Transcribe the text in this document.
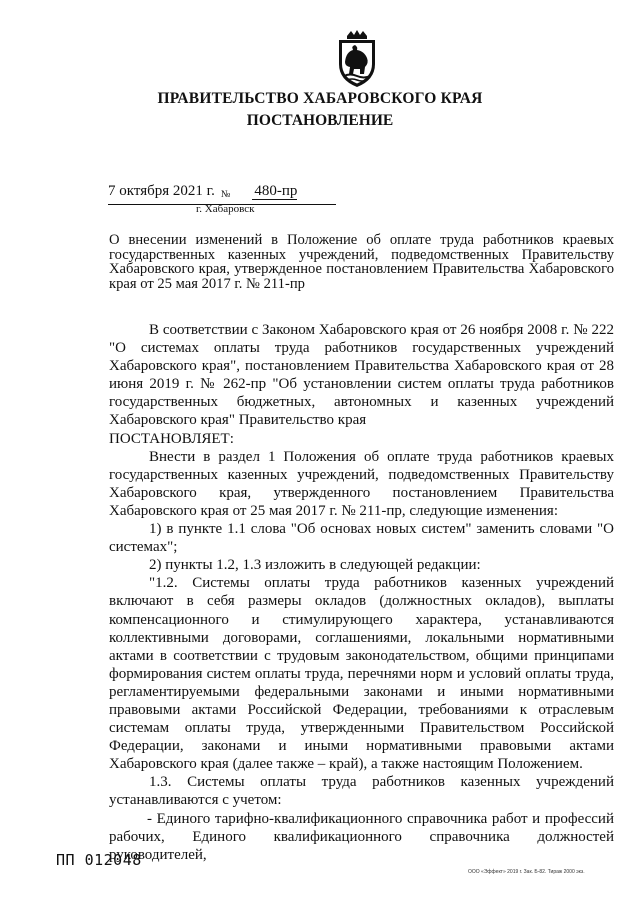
ПРАВИТЕЛЬСТВО ХАБАРОВСКОГО КРАЯ
ПОСТАНОВЛЕНИЕ
7 октября 2021 г. № 480-пр
г. Хабаровск
О внесении изменений в Положение об оплате труда работников краевых государственных казенных учреждений, подведомственных Правительству Хабаровского края, утвержденное постановлением Правительства Хабаровского края от 25 мая 2017 г. № 211-пр

В соответствии с Законом Хабаровского края от 26 ноября 2008 г. № 222 "О системах оплаты труда работников государственных учреждений Хабаровского края", постановлением Правительства Хабаровского края от 28 июня 2019 г. № 262-пр "Об установлении систем оплаты труда работников государственных бюджетных, автономных и казенных учреждений Хабаровского края" Правительство края

ПОСТАНОВЛЯЕТ:

Внести в раздел 1 Положения об оплате труда работников краевых государственных казенных учреждений, подведомственных Правительству Хабаровского края, утвержденного постановлением Правительства Хабаровского края от 25 мая 2017 г. № 211-пр, следующие изменения:

1) в пункте 1.1 слова "Об основах новых систем" заменить словами "О системах";

2) пункты 1.2, 1.3 изложить в следующей редакции:

"1.2. Системы оплаты труда работников казенных учреждений включают в себя размеры окладов (должностных окладов), выплаты компенсационного и стимулирующего характера, устанавливаются коллективными договорами, соглашениями, локальными нормативными актами в соответствии с трудовым законодательством, общими принципами формирования систем оплаты труда, перечнями норм и условий оплаты труда, регламентируемыми федеральными законами и иными нормативными правовыми актами Российской Федерации, требованиями к отраслевым системам оплаты труда, утвержденными Правительством Российской Федерации, законами и иными нормативными правовыми актами Хабаровского края (далее также – край), а также настоящим Положением.

1.3. Системы оплаты труда работников казенных учреждений устанавливаются с учетом:

- Единого тарифно-квалификационного справочника работ и профессий рабочих, Единого квалификационного справочника должностей руководителей,

ПП 012048
ООО «Эффект» 2019 г. Зак. Б-82. Тираж 2000 экз.
